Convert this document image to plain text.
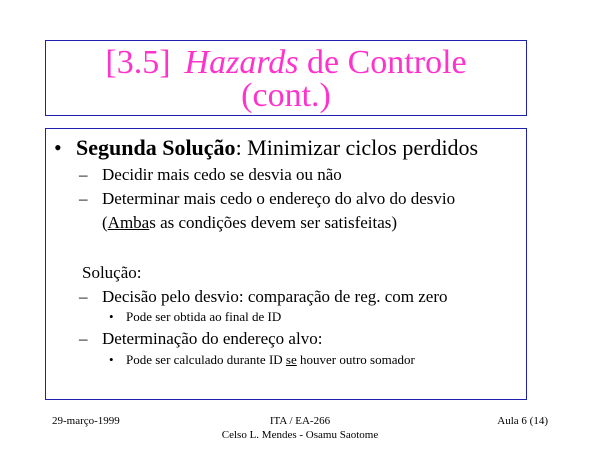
[3.5] Hazards de Controle
(cont.)
• Segunda Solução: Minimizar ciclos perdidos
– Decidir mais cedo se desvia ou não
– Determinar mais cedo o endereço do alvo do desvio
(Ambas as condições devem ser satisfeitas)
Solução:
– Decisão pelo desvio: comparação de reg. com zero
• Pode ser obtida ao final de ID
– Determinação do endereço alvo:
• Pode ser calculado durante ID se houver outro somador
29-março-1999	ITA / EA-266
Celso L. Mendes - Osamu Saotome
Aula 6 (14)
